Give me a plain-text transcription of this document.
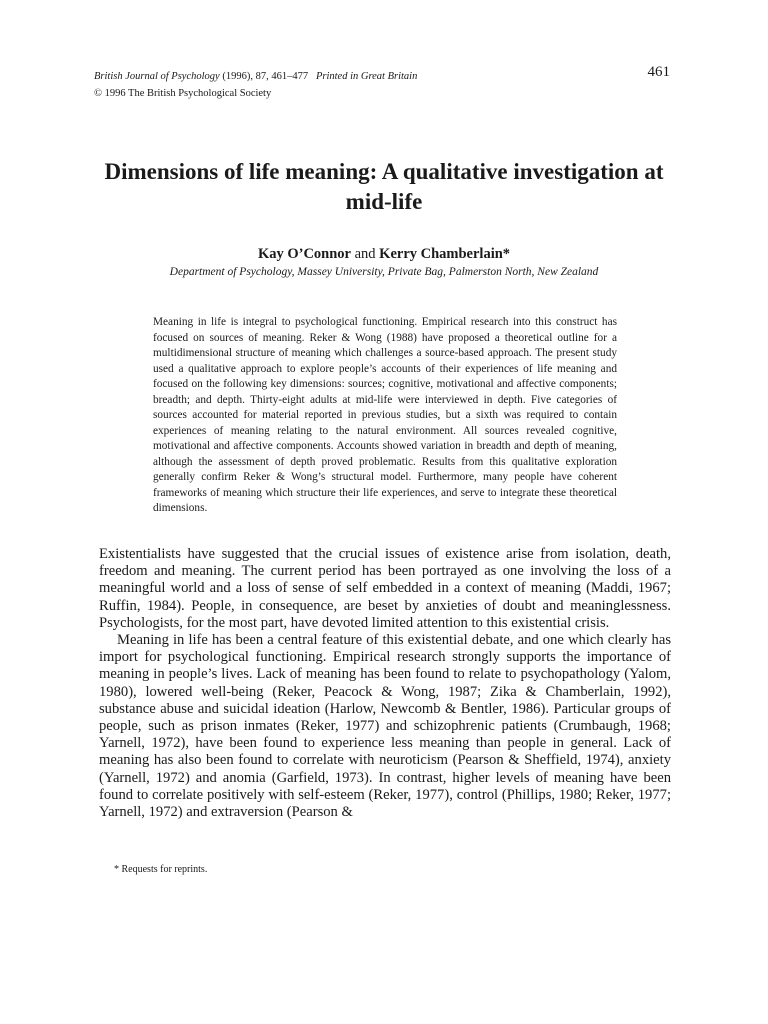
British Journal of Psychology (1996), 87, 461–477 Printed in Great Britain
© 1996 The British Psychological Society
461
Dimensions of life meaning: A qualitative investigation at mid-life
Kay O’Connor and Kerry Chamberlain*
Department of Psychology, Massey University, Private Bag, Palmerston North, New Zealand
Meaning in life is integral to psychological functioning. Empirical research into this construct has focused on sources of meaning. Reker & Wong (1988) have proposed a theoretical outline for a multidimensional structure of meaning which challenges a source-based approach. The present study used a qualitative approach to explore people’s accounts of their experiences of life meaning and focused on the following key dimensions: sources; cognitive, motivational and affective components; breadth; and depth. Thirty-eight adults at mid-life were interviewed in depth. Five categories of sources accounted for material reported in previous studies, but a sixth was required to contain experiences of meaning relating to the natural environment. All sources revealed cognitive, motivational and affective components. Accounts showed variation in breadth and depth of meaning, although the assessment of depth proved problematic. Results from this qualitative exploration generally confirm Reker & Wong’s structural model. Furthermore, many people have coherent frameworks of meaning which structure their life experiences, and serve to integrate these theoretical dimensions.

Existentialists have suggested that the crucial issues of existence arise from isolation, death, freedom and meaning. The current period has been portrayed as one involving the loss of a meaningful world and a loss of sense of self embedded in a context of meaning (Maddi, 1967; Ruffin, 1984). People, in consequence, are beset by anxieties of doubt and meaninglessness. Psychologists, for the most part, have devoted limited attention to this existential crisis.

Meaning in life has been a central feature of this existential debate, and one which clearly has import for psychological functioning. Empirical research strongly supports the importance of meaning in people’s lives. Lack of meaning has been found to relate to psychopathology (Yalom, 1980), lowered well-being (Reker, Peacock & Wong, 1987; Zika & Chamberlain, 1992), substance abuse and suicidal ideation (Harlow, Newcomb & Bentler, 1986). Particular groups of people, such as prison inmates (Reker, 1977) and schizophrenic patients (Crumbaugh, 1968; Yarnell, 1972), have been found to experience less meaning than people in general. Lack of meaning has also been found to correlate with neuroticism (Pearson & Sheffield, 1974), anxiety (Yarnell, 1972) and anomia (Garfield, 1973). In contrast, higher levels of meaning have been found to correlate positively with self-esteem (Reker, 1977), control (Phillips, 1980; Reker, 1977; Yarnell, 1972) and extraversion (Pearson &

* Requests for reprints.
